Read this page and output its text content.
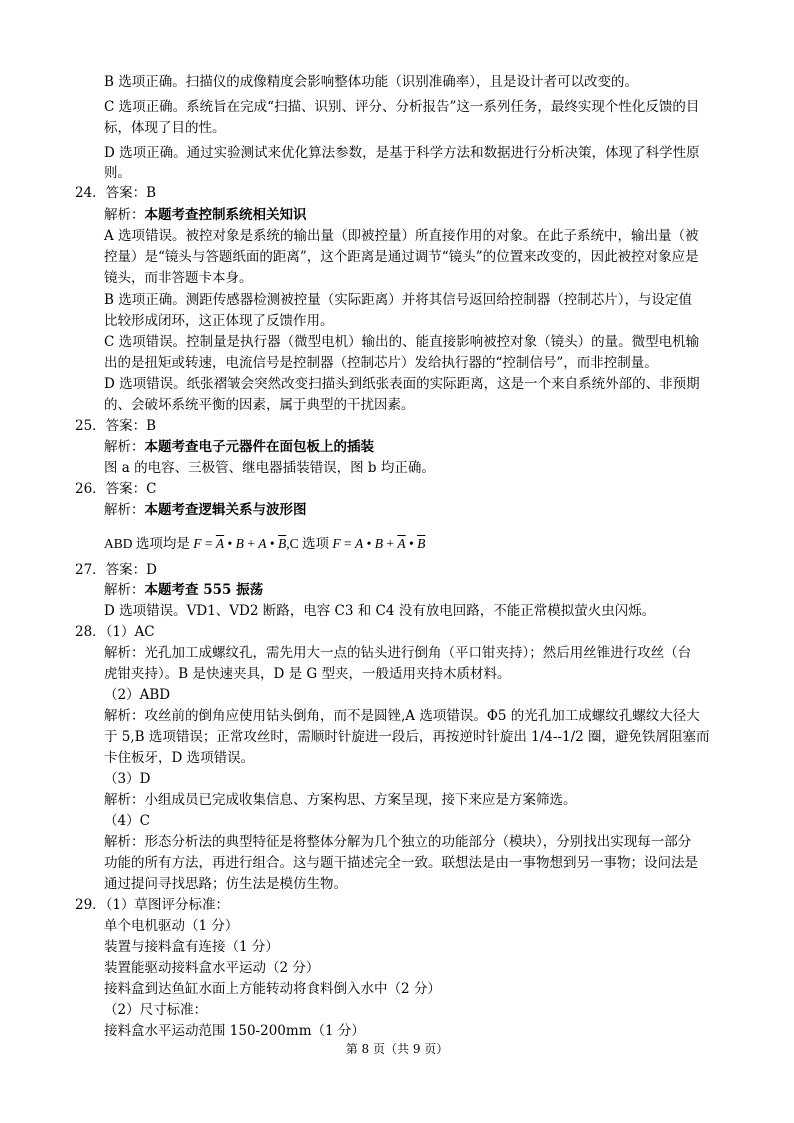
B 选项正确。扫描仪的成像精度会影响整体功能（识别准确率），且是设计者可以改变的。
C 选项正确。系统旨在完成“扫描、识别、评分、分析报告”这一系列任务，最终实现个性化反馈的目
标，体现了目的性。
D 选项正确。通过实验测试来优化算法参数，是基于科学方法和数据进行分析决策，体现了科学性原
则。
24．答案：B
解析：本题考查控制系统相关知识
A 选项错误。被控对象是系统的输出量（即被控量）所直接作用的对象。在此子系统中，输出量（被
控量）是“镜头与答题纸面的距离”，这个距离是通过调节“镜头”的位置来改变的，因此被控对象应是
镜头，而非答题卡本身。
B 选项正确。测距传感器检测被控量（实际距离）并将其信号返回给控制器（控制芯片），与设定值
比较形成闭环，这正体现了反馈作用。
C 选项错误。控制量是执行器（微型电机）输出的、能直接影响被控对象（镜头）的量。微型电机输
出的是扭矩或转速，电流信号是控制器（控制芯片）发给执行器的“控制信号”，而非控制量。
D 选项错误。纸张褶皱会突然改变扫描头到纸张表面的实际距离，这是一个来自系统外部的、非预期
的、会破坏系统平衡的因素，属于典型的干扰因素。
25．答案：B
解析：本题考查电子元器件在面包板上的插装
图 a 的电容、三极管、继电器插装错误，图 b 均正确。
26．答案：C
解析：本题考查逻辑关系与波形图
ABD 选项均是 $F = \overline{A}$ • B + A • $\overline{B},C$ 选项 F = A • $B + \overline{A}$ • $\overline{B}$
27．答案：D
解析：本题考查 555 振荡
D 选项错误。VD1、VD2 断路，电容 C3 和 C4 没有放电回路，不能正常模拟萤火虫闪烁。
28．（1）AC
解析：光孔加工成螺纹孔，需先用大一点的钻头进行倒角（平口钳夹持）；然后用丝锥进行攻丝（台
虎钳夹持）。B 是快速夹具，D 是 G 型夹，一般适用夹持木质材料。
（2）ABD
解析：攻丝前的倒角应使用钻头倒角，而不是圆锉,A 选项错误。Φ5 的光孔加工成螺纹孔螺纹大径大
于 5,B 选项错误；正常攻丝时，需顺时针旋进一段后，再按逆时针旋出 1/4--1/2 圈，避免铁屑阻塞而
卡住板牙，D 选项错误。
（3）D
解析：小组成员已完成收集信息、方案构思、方案呈现，接下来应是方案筛选。
（4）C
解析：形态分析法的典型特征是将整体分解为几个独立的功能部分（模块），分别找出实现每一部分
功能的所有方法，再进行组合。这与题干描述完全一致。联想法是由一事物想到另一事物；设问法是
通过提问寻找思路；仿生法是模仿生物。
29．（1）草图评分标准：
单个电机驱动（1 分）
装置与接料盒有连接（1 分）
装置能驱动接料盒水平运动（2 分）
接料盒到达鱼缸水面上方能转动将食料倒入水中（2 分）
（2）尺寸标准：
接料盒水平运动范围 150-200mm（1 分）
第 8 页（共 9 页）
